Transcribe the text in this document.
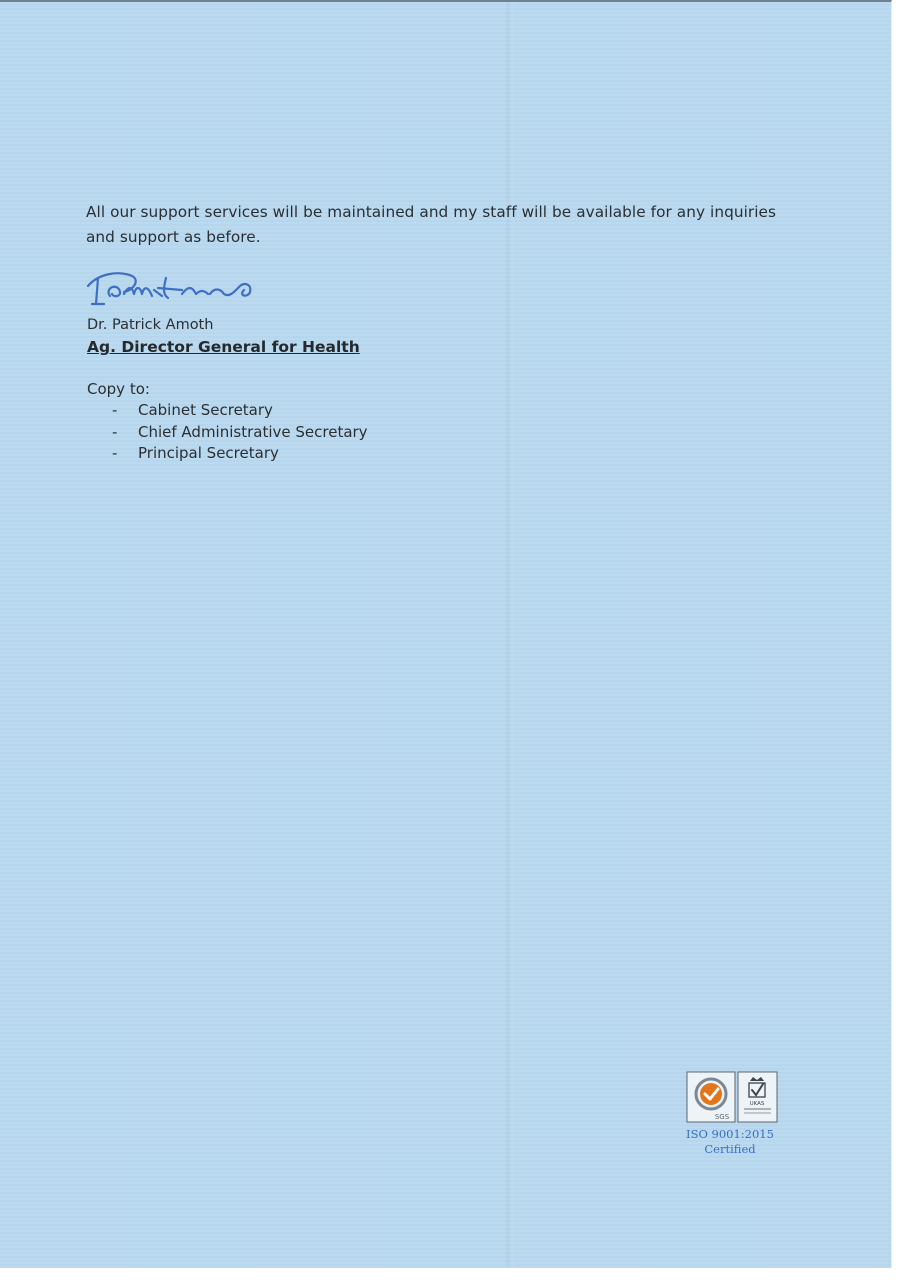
All our support services will be maintained and my staff will be available for any inquiries and support as before.

Dr. Patrick Amoth

Ag. Director General for Health

Copy to:

-	Cabinet Secretary
-	Chief Administrative Secretary
-	Principal Secretary
SGS
UKAS

ISO 9001:2015

Certified
